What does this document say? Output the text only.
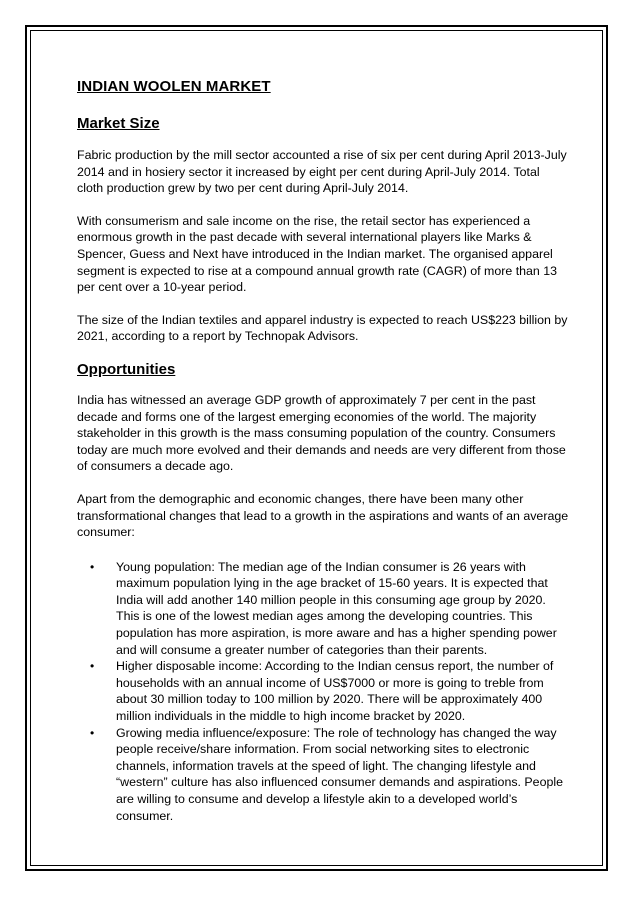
INDIAN WOOLEN MARKET
Market Size

Fabric production by the mill sector accounted a rise of six per cent during April 2013-July 2014 and in hosiery sector it increased by eight per cent during April-July 2014. Total cloth production grew by two per cent during April-July 2014.

With consumerism and sale income on the rise, the retail sector has experienced a enormous growth in the past decade with several international players like Marks & Spencer, Guess and Next have introduced in the Indian market. The organised apparel segment is expected to rise at a compound annual growth rate (CAGR) of more than 13 per cent over a 10-year period.

The size of the Indian textiles and apparel industry is expected to reach US$223 billion by 2021, according to a report by Technopak Advisors.

Opportunities

India has witnessed an average GDP growth of approximately 7 per cent in the past decade and forms one of the largest emerging economies of the world. The majority stakeholder in this growth is the mass consuming population of the country. Consumers today are much more evolved and their demands and needs are very different from those of consumers a decade ago.

Apart from the demographic and economic changes, there have been many other transformational changes that lead to a growth in the aspirations and wants of an average consumer:

• Young population: The median age of the Indian consumer is 26 years with maximum population lying in the age bracket of 15-60 years. It is expected that India will add another 140 million people in this consuming age group by 2020. This is one of the lowest median ages among the developing countries. This population has more aspiration, is more aware and has a higher spending power and will consume a greater number of categories than their parents.
• Higher disposable income: According to the Indian census report, the number of households with an annual income of US$7000 or more is going to treble from about 30 million today to 100 million by 2020. There will be approximately 400 million individuals in the middle to high income bracket by 2020.
• Growing media influence/exposure: The role of technology has changed the way people receive/share information. From social networking sites to electronic channels, information travels at the speed of light. The changing lifestyle and “western” culture has also influenced consumer demands and aspirations. People are willing to consume and develop a lifestyle akin to a developed world’s consumer.
